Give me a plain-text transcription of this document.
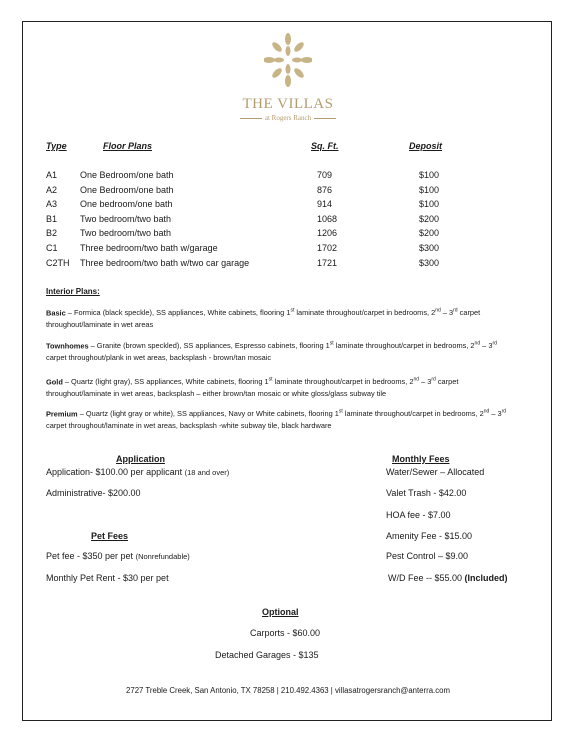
THE VILLAS
at Rogers Ranch
Type	Floor Plans	Sq. Ft.	Deposit
A1	One Bedroom/one bath	709	$100
A2	One Bedroom/one bath	876	$100
A3	One bedroom/one bath	914	$100
B1	Two bedroom/two bath	1068	$200
B2	Two bedroom/two bath	1206	$200
C1 Three bedroom/two bath w/garage	1702	$300
C2TH Three bedroom/two bath w/two car garage	1721	$300
Interior Plans:
Basic – Formica (black speckle), SS appliances, White cabinets, flooring 1st laminate throughout/carpet in bedrooms, 2nd – 3rd carpet throughout/laminate in wet areas
Townhomes – Granite (brown speckled), SS appliances, Espresso cabinets, flooring 1st laminate throughout/carpet in bedrooms, 2nd – 3rd carpet throughout/plank in wet areas, backsplash - brown/tan mosaic
Gold – Quartz (light gray), SS appliances, White cabinets, flooring 1st laminate throughout/carpet in bedrooms, 2nd – 3rd carpet throughout/laminate in wet areas, backsplash – either brown/tan mosaic or white gloss/glass subway tile
Premium – Quartz (light gray or white), SS appliances, Navy or White cabinets, flooring 1st laminate throughout/carpet in bedrooms, 2nd – 3rd carpet throughout/laminate in wet areas, backsplash -white subway tile, black hardware
Application
Application- $100.00 per applicant (18 and over)
Administrative- $200.00
Pet Fees
Pet fee - $350 per pet (Nonrefundable)
Monthly Pet Rent - $30 per pet
Monthly Fees
Water/Sewer – Allocated
Valet Trash - $42.00
HOA fee - $7.00
Amenity Fee - $15.00
Pest Control – $9.00
W/D Fee -- $55.00 (Included)
Optional
Carports - $60.00
Detached Garages - $135
2727 Treble Creek, San Antonio, TX 78258 | 210.492.4363 | villasatrogersranch@anterra.com
